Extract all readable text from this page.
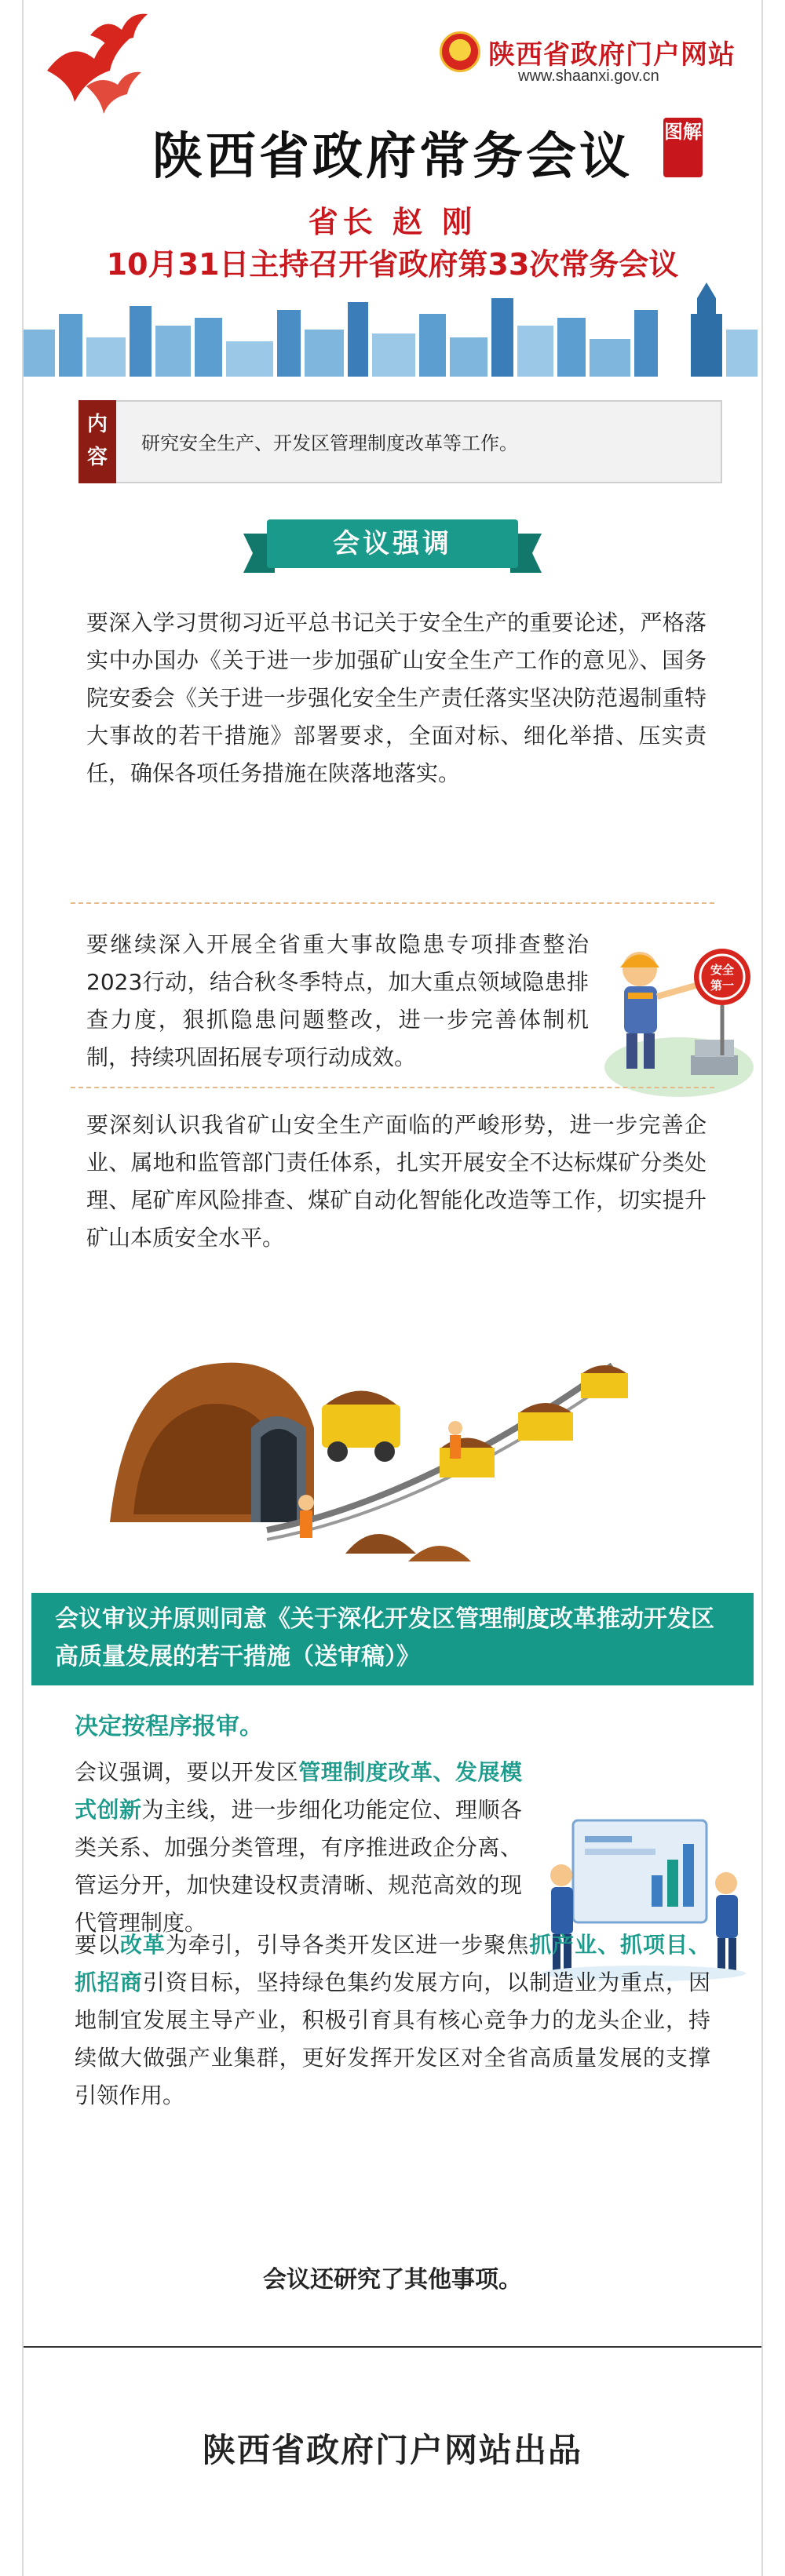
陕西省政府门户网站
www.shaanxi.gov.cn
陕西省政府常务会议	图解
省长 赵 刚
10月31日主持召开省政府第33次常务会议
内容
研究安全生产、开发区管理制度改革等工作。
会议强调
要深入学习贯彻习近平总书记关于安全生产的重要论述，严格落实中办国办《关于进一步加强矿山安全生产工作的意见》、国务院安委会《关于进一步强化安全生产责任落实坚决防范遏制重特大事故的若干措施》部署要求，全面对标、细化举措、压实责任，确保各项任务措施在陕落地落实。
要继续深入开展全省重大事故隐患专项排查整治2023行动，结合秋冬季特点，加大重点领域隐患排查力度，狠抓隐患问题整改，进一步完善体制机制，持续巩固拓展专项行动成效。
安全
第一
要深刻认识我省矿山安全生产面临的严峻形势，进一步完善企业、属地和监管部门责任体系，扎实开展安全不达标煤矿分类处理、尾矿库风险排查、煤矿自动化智能化改造等工作，切实提升矿山本质安全水平。
会议审议并原则同意《关于深化开发区管理制度改革推动开发区高质量发展的若干措施（送审稿）》
决定按程序报审。
会议强调，要以开发区管理制度改革、发展模式创新为主线，进一步细化功能定位、理顺各类关系、加强分类管理，有序推进政企分离、管运分开，加快建设权责清晰、规范高效的现代管理制度。
要以改革为牵引，引导各类开发区进一步聚焦抓产业、抓项目、抓招商引资目标，坚持绿色集约发展方向，以制造业为重点，因地制宜发展主导产业，积极引育具有核心竞争力的龙头企业，持续做大做强产业集群，更好发挥开发区对全省高质量发展的支撑引领作用。
会议还研究了其他事项。
陕西省政府门户网站出品
